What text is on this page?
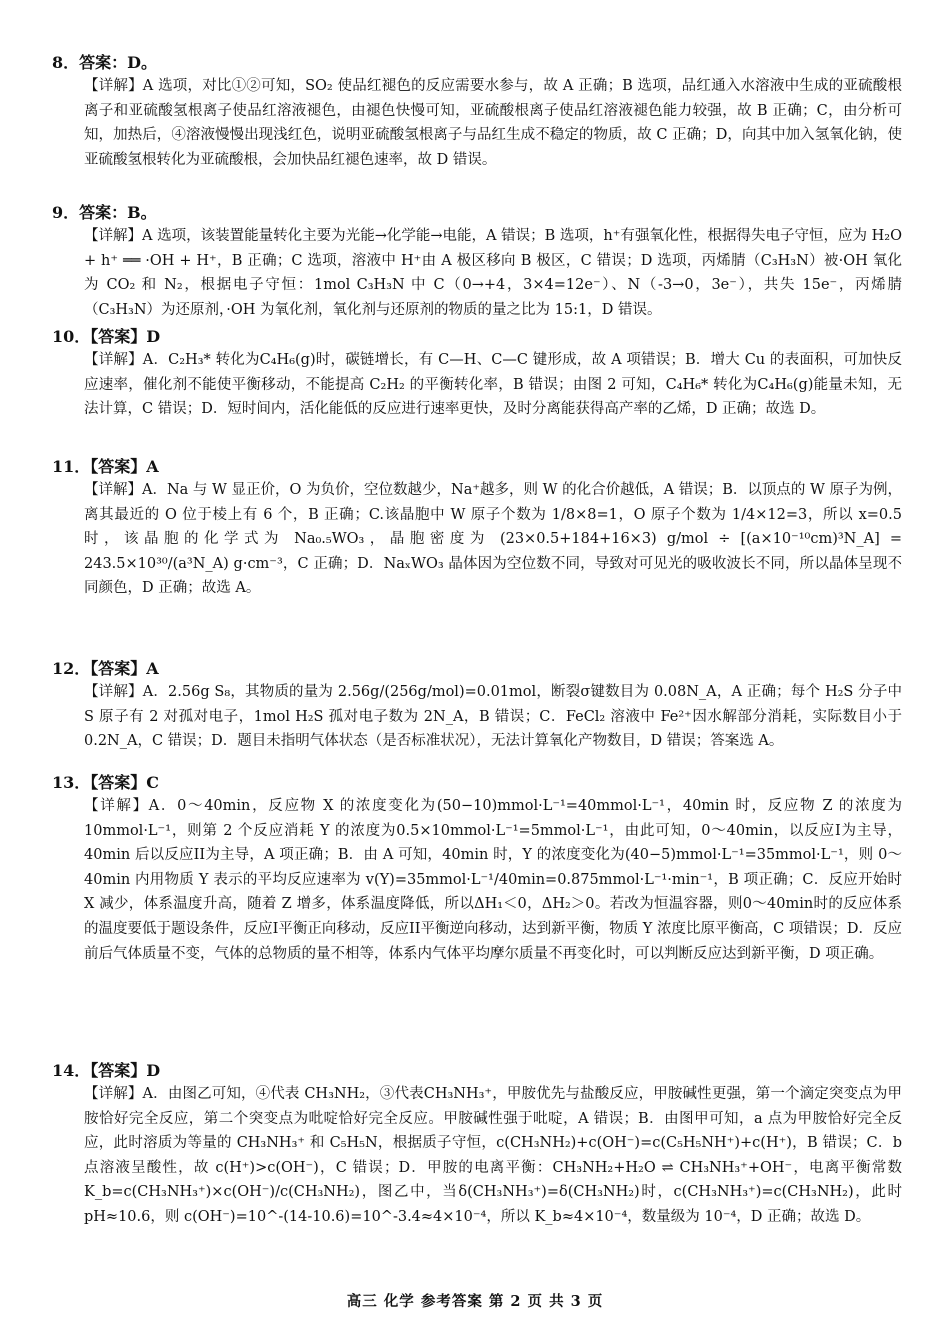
8．答案：D。
【详解】A 选项，对比①②可知，SO₂ 使品红褪色的反应需要水参与，故 A 正确；B 选项，品红通入水溶液中生成的亚硫酸根离子和亚硫酸氢根离子使品红溶液褪色，由褪色快慢可知，亚硫酸根离子使品红溶液褪色能力较强，故 B 正确；C，由分析可知，加热后，④溶液慢慢出现浅红色，说明亚硫酸氢根离子与品红生成不稳定的物质，故 C 正确；D，向其中加入氢氧化钠，使亚硫酸氢根转化为亚硫酸根，会加快品红褪色速率，故 D 错误。
9．答案：B。
【详解】A 选项，该装置能量转化主要为光能→化学能→电能，A 错误；B 选项，h⁺有强氧化性，根据得失电子守恒，应为 H₂O + h⁺ ══ ·OH + H⁺，B 正确；C 选项，溶液中 H⁺由 A 极区移向 B 极区，C 错误；D 选项，丙烯腈（C₃H₃N）被·OH 氧化为 CO₂ 和 N₂，根据电子守恒：1mol C₃H₃N 中 C（0→+4，3×4=12e⁻）、N（-3→0，3e⁻），共失 15e⁻，丙烯腈（C₃H₃N）为还原剂，·OH 为氧化剂，氧化剂与还原剂的物质的量之比为 15:1，D 错误。
10．【答案】D
【详解】A．C₂H₃* 转化为C₄H₆(g)时，碳链增长，有 C—H、C—C 键形成，故 A 项错误；B．增大 Cu 的表面积，可加快反应速率，催化剂不能使平衡移动，不能提高 C₂H₂ 的平衡转化率，B 错误；由图 2 可知，C₄H₆* 转化为C₄H₆(g)能量未知，无法计算，C 错误；D．短时间内，活化能低的反应进行速率更快，及时分离能获得高产率的乙烯，D 正确；故选 D。
11．【答案】A
【详解】A．Na 与 W 显正价，O 为负价，空位数越少，Na⁺越多，则 W 的化合价越低，A 错误；B．以顶点的 W 原子为例，离其最近的 O 位于棱上有 6 个，B 正确；C.该晶胞中 W 原子个数为 1/8×8=1，O 原子个数为 1/4×12=3，所以 x=0.5 时，该晶胞的化学式为 Na₀.₅WO₃，晶胞密度为 (23×0.5+184+16×3) g/mol ÷ [(a×10⁻¹⁰cm)³N_A] = 243.5×10³⁰/(a³N_A) g·cm⁻³，C 正确；D．NaₓWO₃ 晶体因为空位数不同，导致对可见光的吸收波长不同，所以晶体呈现不同颜色，D 正确；故选 A。
12．【答案】A
【详解】A．2.56g S₈，其物质的量为 2.56g/(256g/mol)=0.01mol，断裂σ键数目为 0.08N_A，A 正确；每个 H₂S 分子中 S 原子有 2 对孤对电子，1mol H₂S 孤对电子数为 2N_A，B 错误；C．FeCl₂ 溶液中 Fe²⁺因水解部分消耗，实际数目小于 0.2N_A，C 错误；D．题目未指明气体状态（是否标准状况），无法计算氧化产物数目，D 错误；答案选 A。
13．【答案】C
【详解】A．0～40min，反应物 X 的浓度变化为(50−10)mmol·L⁻¹=40mmol·L⁻¹，40min 时，反应物 Z 的浓度为10mmol·L⁻¹，则第 2 个反应消耗 Y 的浓度为0.5×10mmol·L⁻¹=5mmol·L⁻¹，由此可知，0～40min，以反应I为主导，40min 后以反应II为主导，A 项正确；B．由 A 可知，40min 时，Y 的浓度变化为(40−5)mmol·L⁻¹=35mmol·L⁻¹，则 0～40min 内用物质 Y 表示的平均反应速率为 v(Y)=35mmol·L⁻¹/40min=0.875mmol·L⁻¹·min⁻¹，B 项正确；C．反应开始时 X 减少，体系温度升高，随着 Z 增多，体系温度降低，所以ΔH₁＜0，ΔH₂＞0。若改为恒温容器，则0～40min时的反应体系的温度要低于题设条件，反应I平衡正向移动，反应II平衡逆向移动，达到新平衡，物质 Y 浓度比原平衡高，C 项错误；D．反应前后气体质量不变，气体的总物质的量不相等，体系内气体平均摩尔质量不再变化时，可以判断反应达到新平衡，D 项正确。
14．【答案】D
【详解】A．由图乙可知，④代表 CH₃NH₂，③代表CH₃NH₃⁺，甲胺优先与盐酸反应，甲胺碱性更强，第一个滴定突变点为甲胺恰好完全反应，第二个突变点为吡啶恰好完全反应。甲胺碱性强于吡啶，A 错误；B．由图甲可知，a 点为甲胺恰好完全反应，此时溶质为等量的 CH₃NH₃⁺ 和 C₅H₅N，根据质子守恒，c(CH₃NH₂)+c(OH⁻)=c(C₅H₅NH⁺)+c(H⁺)，B 错误；C．b 点溶液呈酸性，故 c(H⁺)>c(OH⁻)，C 错误；D．甲胺的电离平衡：CH₃NH₂+H₂O ⇌ CH₃NH₃⁺+OH⁻，电离平衡常数 K_b=c(CH₃NH₃⁺)×c(OH⁻)/c(CH₃NH₂)，图乙中，当δ(CH₃NH₃⁺)=δ(CH₃NH₂)时，c(CH₃NH₃⁺)=c(CH₃NH₂)，此时 pH≈10.6，则 c(OH⁻)=10^-(14-10.6)=10^-3.4≈4×10⁻⁴，所以 K_b≈4×10⁻⁴，数量级为 10⁻⁴，D 正确；故选 D。
高三 化学 参考答案 第 2 页 共 3 页
